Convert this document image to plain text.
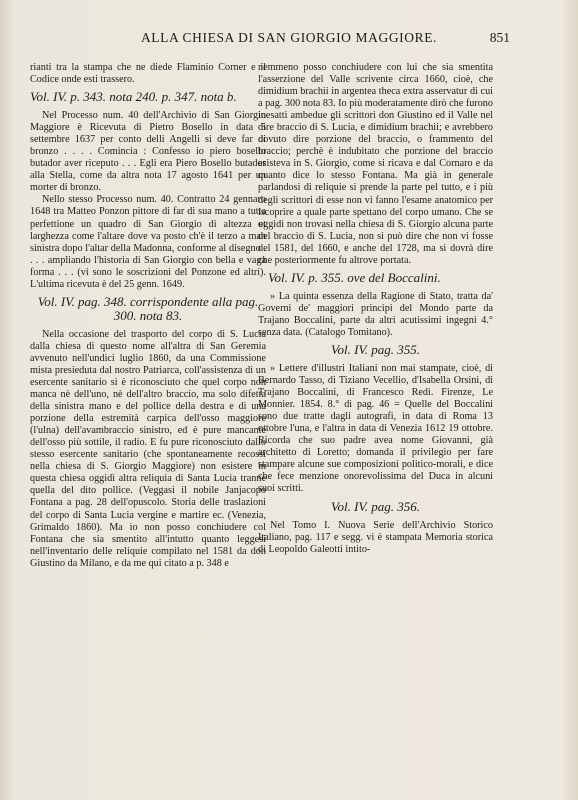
ALLA CHIESA DI SAN GIORGIO MAGGIORE.	851

rianti tra la stampa che ne diede Flaminio Corner e il Codice onde esti trassero.

Vol. IV. p. 343. nota 240. p. 347. nota b.

Nel Processo num. 40 dell'Archivio di San Giorgio Maggiore è Ricevuta di Pietro Bosello in data 5 settembre 1637 per conto delli Angelli si deve far di bronzo . . . . Comincia : Confesso io piero bosello butador aver riceputo . . . Egli era Piero Bosello butador alla Stella, come da altra nota 17 agosto 1641 per un morter di bronzo.

Nello stesso Processo num. 40. Contratto 24 gennaro 1648 tra Matteo Ponzon pittore di far di sua mano a tutta perfettione un quadro di San Giorgio di altezza et larghezza come l'altare dove va posto ch'è il terzo a man sinistra dopo l'altar della Madonna, conforme al disegno . . . . ampliando l'historia di San Giorgio con bella e vaga forma . . . (vi sono le soscrizioni del Ponzone ed altri). L'ultima ricevuta è del 25 genn. 1649.

Vol. IV. pag. 348. corrispondente alla pag. 300. nota 83.

Nella occasione del trasporto del corpo di S. Lucia dalla chiesa di questo nome all'altra di San Geremia avvenuto nell'undici luglio 1860, da una Commissione mista presieduta dal nostro Patriarca, coll'assistenza di un esercente sanitario si è riconosciuto che quel corpo non manca nè dell'uno, nè dell'altro braccio, ma solo difetta della sinistra mano e del pollice della destra e di una porzione della estremità carpica dell'osso maggiore (l'ulna) dell'avambraccio sinistro, ed è pure mancante dell'osso più sottile, il radio. E fu pure riconosciuto dallo stesso esercente sanitario (che spontaneamente recossi nella chiesa di S. Giorgio Maggiore) non esistere in questa chiesa oggidì altra reliquia di Santa Lucia tranne quella del dito pollice. (Veggasi il nobile Janjacopo Fontana a pag. 28 dell'opuscolo. Storia delle traslazioni del corpo di Santa Lucia vergine e martire ec. (Venezia, Grimaldo 1860). Ma io non posso conchiudere col Fontana che sia smentito all'intutto quanto leggesi nell'inventario delle reliquie compilato nel 1581 da don Giustino da Milano, e da me qui citato a p. 348 e

nemmeno posso conchiudere con lui che sia smentita l'asserzione del Valle scrivente circa 1660, cioè, che dimidium brachii in argentea theca extra asservatur di cui a pag. 300 nota 83. Io più moderatamente dirò che furono inesatti ambedue gli scrittori don Giustino ed il Valle nel dire braccio di S. Lucia, e dimidium brachii; e avrebbero dovuto dire porzione del braccio, o frammento del braccio; perchè è indubitato che porzione del braccio esisteva in S. Giorgio, come si ricava e dal Cornaro e da quanto dice lo stesso Fontana. Ma già in generale parlandosi di reliquie si prende la parte pel tutto, e i più degli scrittori di esse non vi fanno l'esame anatomico per iscoprire a quale parte spettano del corpo umano. Che se oggidì non trovasi nella chiesa di S. Giorgio alcuna parte del braccio di S. Lucia, non si può dire che non vi fosse del 1581, del 1660, e anche del 1728, ma si dovrà dire che posteriormente fu altrove portata.

Vol. IV. p. 355. ove del Boccalini.

» La quinta essenza della Ragione di Stato, tratta da' Governi de' maggiori principi del Mondo parte da Trajano Boccalini, parte da altri acutissimi ingegni 4.° senza data. (Catalogo Tomitano).

Vol. IV. pag. 355.

» Lettere d'illustri Italiani non mai stampate, cioè, di Bernardo Tasso, di Tiziano Vecellio, d'Isabella Orsini, di Trajano Boccalini, di Francesco Redi. Firenze, Le Monnier. 1854. 8.° di pag. 46 = Quelle del Boccalini sono due tratte dagli autografi, in data di Roma 13 ottobre l'una, e l'altra in data di Venezia 1612 19 ottobre. Ricorda che suo padre avea nome Giovanni, già architetto di Loretto; domanda il privilegio per fare stampare alcune sue composizioni politico-morali, e dice che fece menzione onorevolissima del Duca in alcuni suoi scritti.

Vol. IV. pag. 356.

Nel Tomo I. Nuova Serie dell'Archivio Storico Italiano, pag. 117 e segg. vi è stampata Memoria storica di Leopoldo Galeotti intito-
